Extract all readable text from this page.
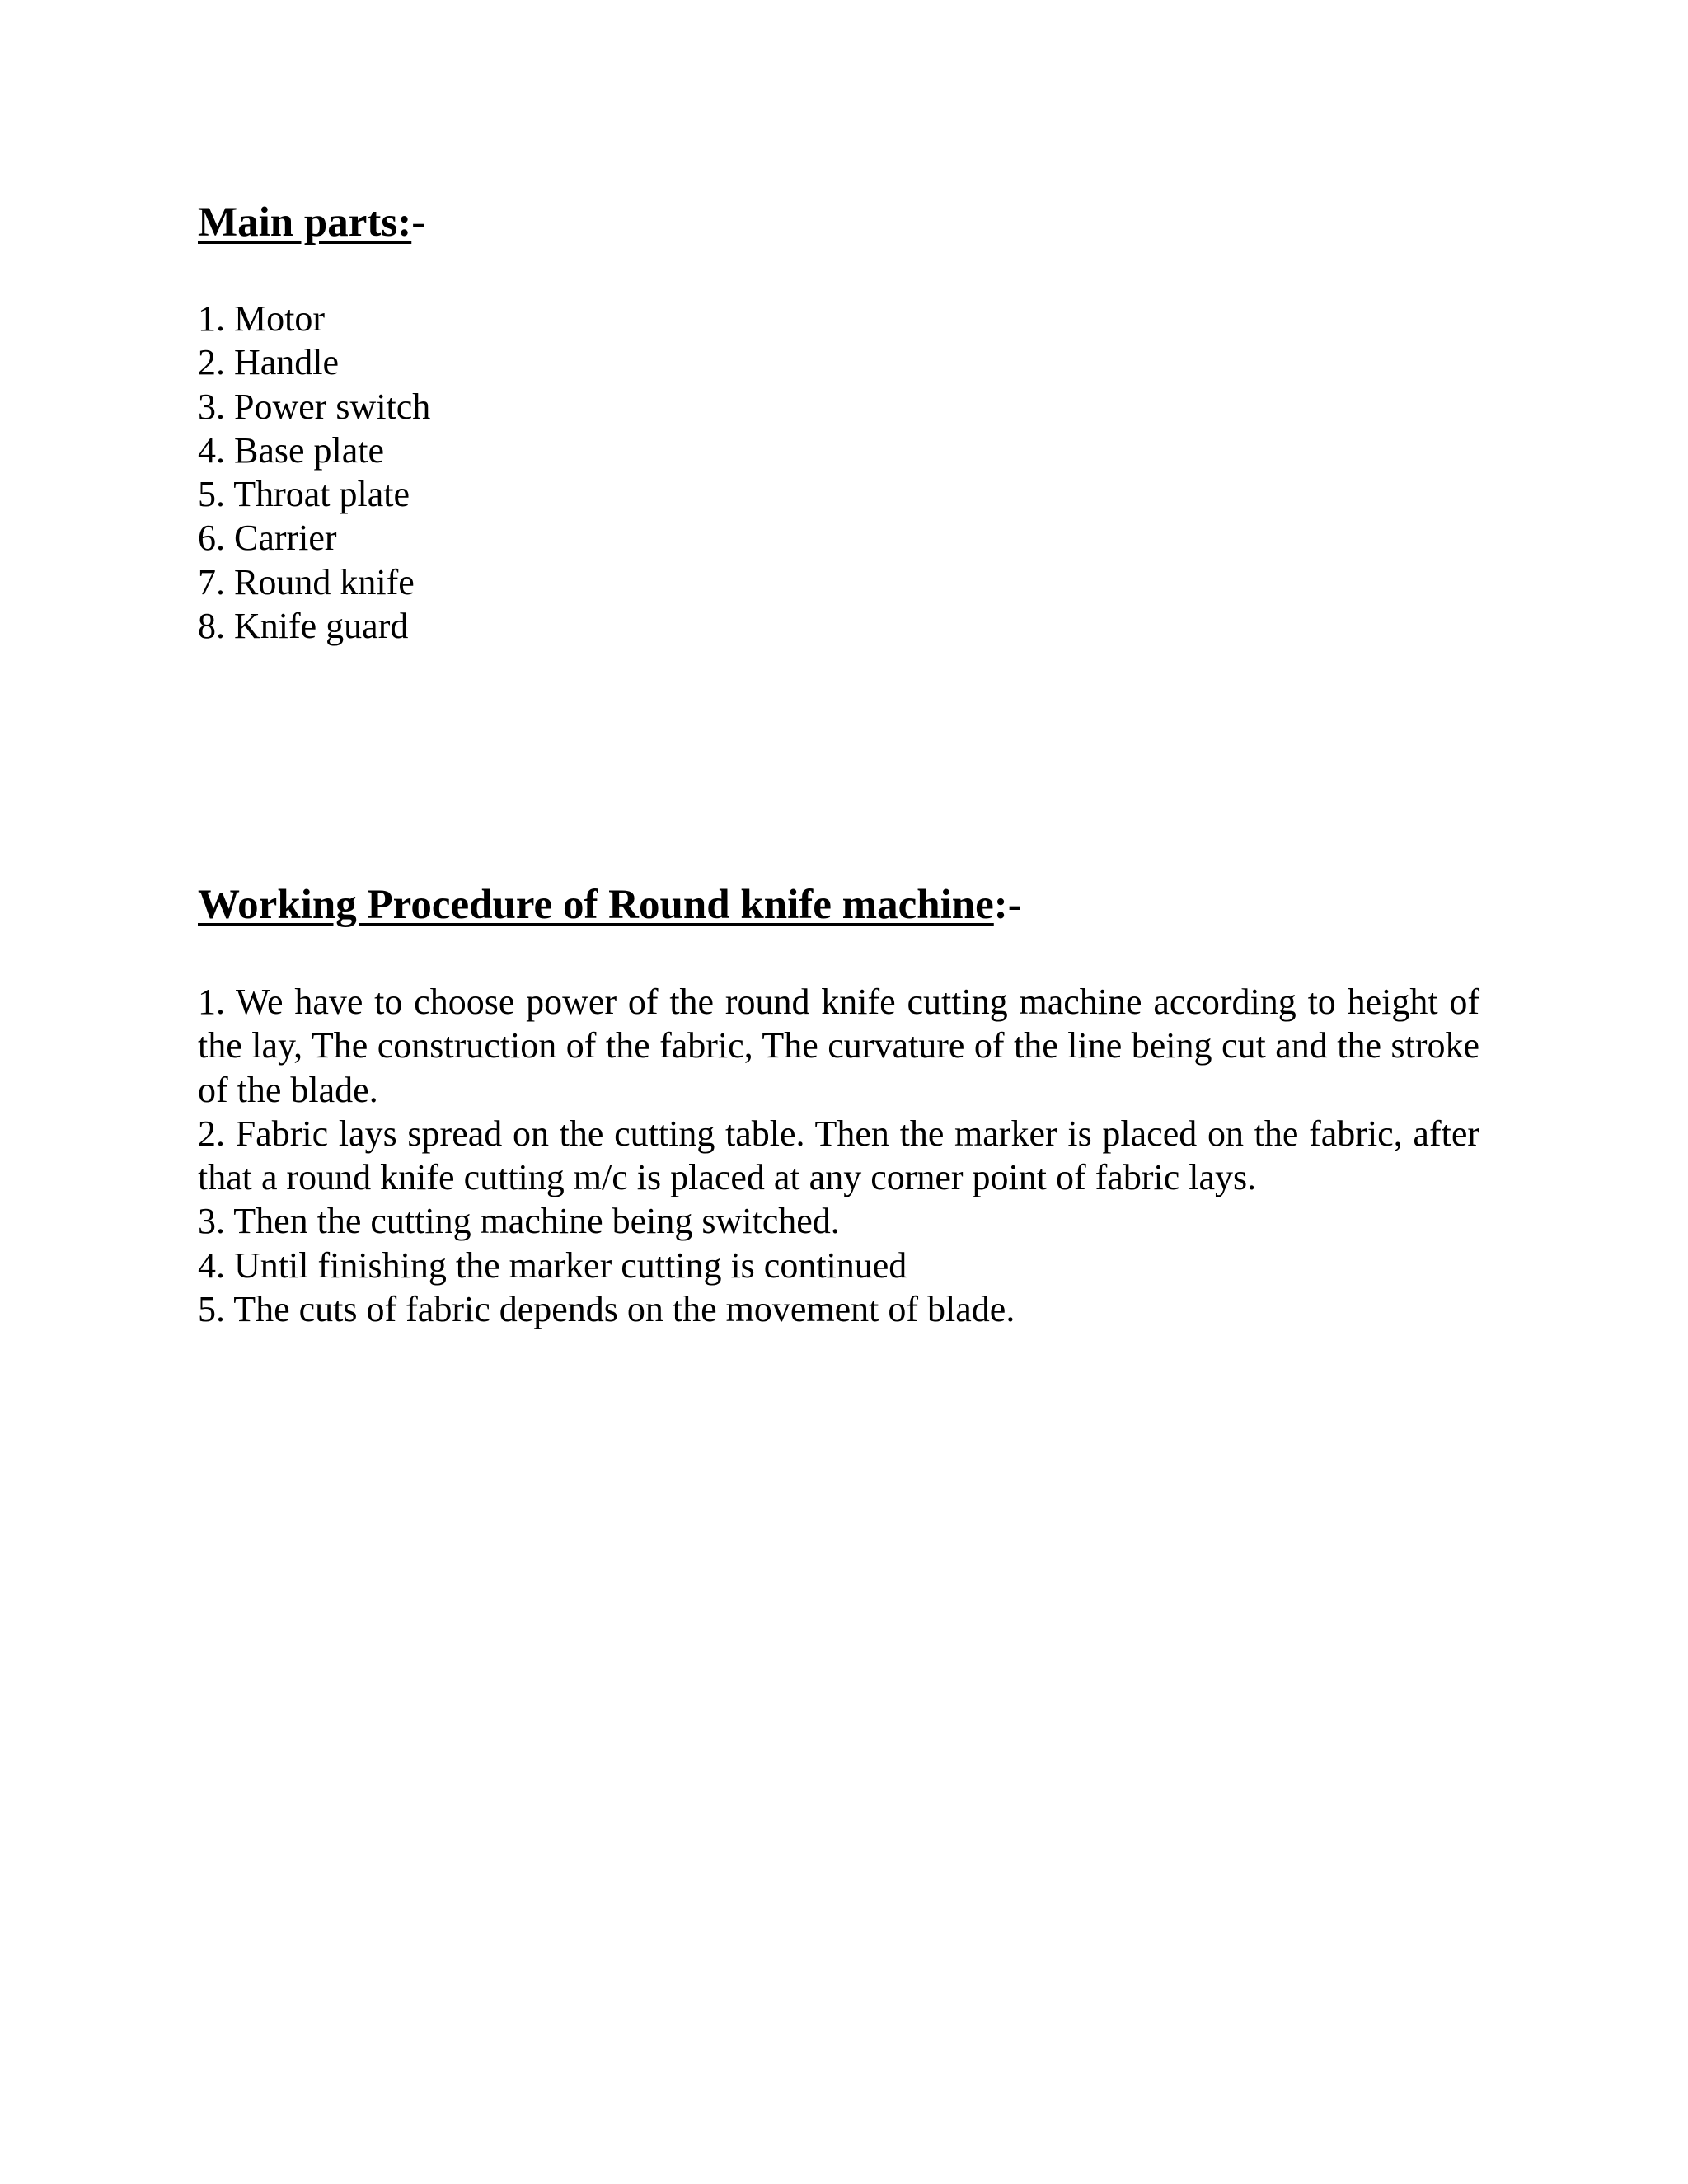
Main parts:-
1. Motor
2. Handle
3. Power switch
4. Base plate
5. Throat plate
6. Carrier
7. Round knife
8. Knife guard
Working Procedure of Round knife machine:-
1. We have to choose power of the round knife cutting machine according to height of the lay, The construction of the fabric, The curvature of the line being cut and the stroke of the blade.
2. Fabric lays spread on the cutting table. Then the marker is placed on the fabric, after that a round knife cutting m/c is placed at any corner point of fabric lays.
3. Then the cutting machine being switched.
4. Until finishing the marker cutting is continued
5. The cuts of fabric depends on the movement of blade.
